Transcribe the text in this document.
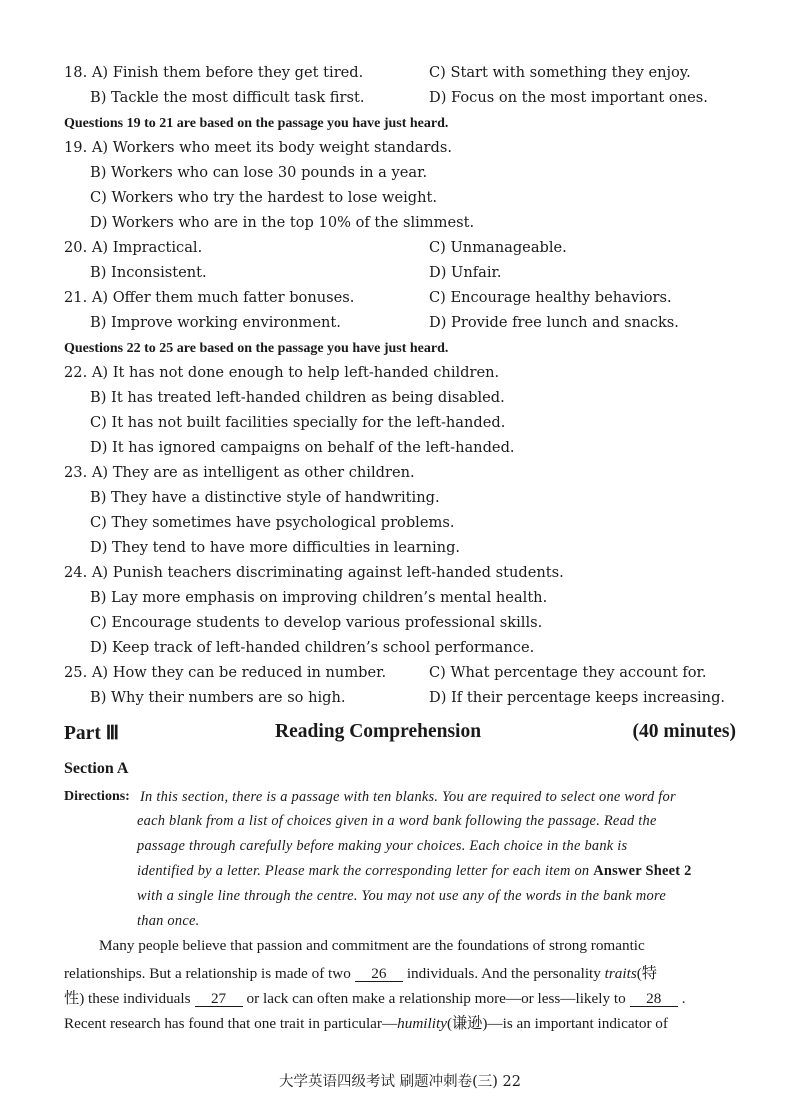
18. A) Finish them before they get tired.	C) Start with something they enjoy.
B) Tackle the most difficult task first.	D) Focus on the most important ones.
Questions 19 to 21 are based on the passage you have just heard.
19. A) Workers who meet its body weight standards.
B) Workers who can lose 30 pounds in a year.
C) Workers who try the hardest to lose weight.
D) Workers who are in the top 10% of the slimmest.
20. A) Impractical.	C) Unmanageable.
B) Inconsistent.	D) Unfair.
21. A) Offer them much fatter bonuses.	C) Encourage healthy behaviors.
B) Improve working environment.	D) Provide free lunch and snacks.
Questions 22 to 25 are based on the passage you have just heard.
22. A) It has not done enough to help left-handed children.
B) It has treated left-handed children as being disabled.
C) It has not built facilities specially for the left-handed.
D) It has ignored campaigns on behalf of the left-handed.
23. A) They are as intelligent as other children.
B) They have a distinctive style of handwriting.
C) They sometimes have psychological problems.
D) They tend to have more difficulties in learning.
24. A) Punish teachers discriminating against left-handed students.
B) Lay more emphasis on improving children’s mental health.
C) Encourage students to develop various professional skills.
D) Keep track of left-handed children’s school performance.
25. A) How they can be reduced in number.	C) What percentage they account for.
B) Why their numbers are so high.	D) If their percentage keeps increasing.
Part Ⅲ	Reading Comprehension	(40 minutes)
Section A
Directions: In this section, there is a passage with ten blanks. You are required to select one word for
each blank from a list of choices given in a word bank following the passage. Read the
passage through carefully before making your choices. Each choice in the bank is
identified by a letter. Please mark the corresponding letter for each item on Answer Sheet 2
with a single line through the centre. You may not use any of the words in the bank more
than once.
Many people believe that passion and commitment are the foundations of strong romantic
relationships. But a relationship is made of two 26 individuals. And the personality traits(特
性) these individuals 27 or lack can often make a relationship more—or less—likely to 28 .
Recent research has found that one trait in particular—humility(谦逊)—is an important indicator of
大学英语四级考试 刷题冲刺卷(三) 22
